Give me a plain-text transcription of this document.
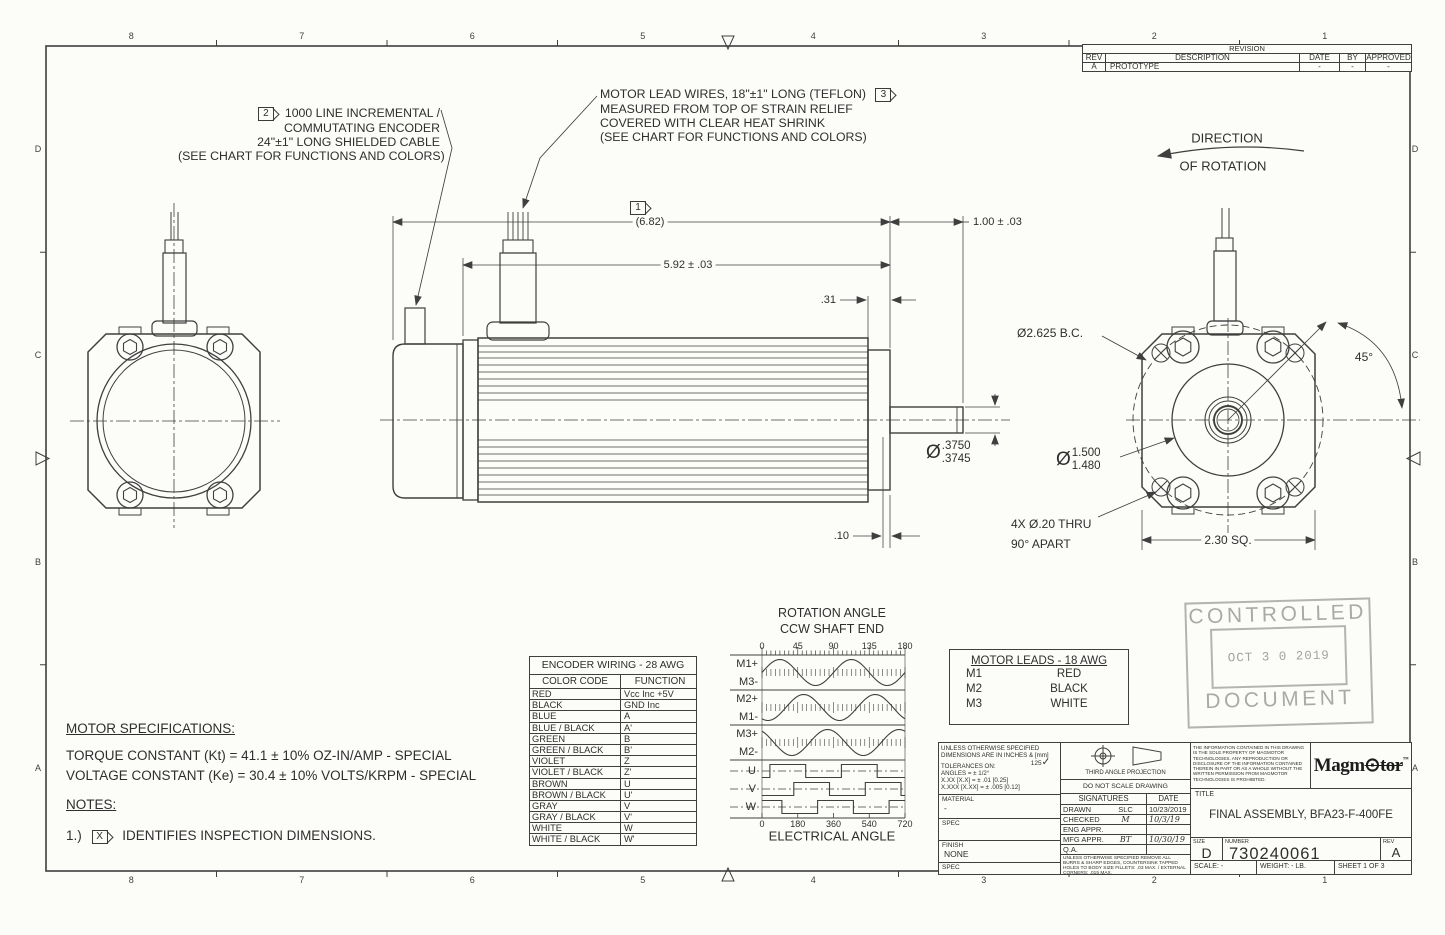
ROTATION ANGLE
CCW SHAFT END
ELECTRICAL ANGLE
2 1000 LINE INCREMENTAL /
COMMUTATING ENCODER
24"±1" LONG SHIELDED CABLE
(SEE CHART FOR FUNCTIONS AND COLORS)
MOTOR LEAD WIRES, 18"±1" LONG (TEFLON) 3
MEASURED FROM TOP OF STRAIN RELIEF
COVERED WITH CLEAR HEAT SHRINK
(SEE CHART FOR FUNCTIONS AND COLORS)	DIRECTION
OF ROTATION
1
(6.82)
5.92 ± .03
.31
1.00 ± .03
Ø .3750
.3745
.10
Ø2.625 B.C.
45°
Ø 1.500
1.480
4X Ø.20 THRU
90° APART	2.30 SQ.
REVISION
REV	DESCRIPTION	DATE	BY	APPROVED
A	PROTOTYPE	-	-	-
ENCODER WIRING - 28 AWG
COLOR CODE	FUNCTION
RED	Vcc Inc +5V
BLACK	GND Inc
BLUE	A
BLUE / BLACK	A'
GREEN	B
GREEN / BLACK	B'
VIOLET	Z
VIOLET / BLACK	Z'
BROWN	U
BROWN / BLACK	U'
GRAY	V
GRAY / BLACK	V'
WHITE	W
WHITE / BLACK	W'
MOTOR LEADS - 18 AWG
M1	RED
M2	BLACK
M3	WHITE
MOTOR SPECIFICATIONS:
TORQUE CONSTANT (Kt) = 41.1 ± 10% OZ-IN/AMP - SPECIAL
VOLTAGE CONSTANT (Ke) = 30.4 ± 10% VOLTS/KRPM - SPECIAL
NOTES:
1.) X IDENTIFIES INSPECTION DIMENSIONS.
CONTROLLED
OCT 3 0 2019
DOCUMENT
UNLESS OTHERWISE SPECIFIED
DIMENSIONS ARE IN INCHES & [mm]
TOLERANCES ON:
ANGLES = ± 1/2°
X.XX [X.X] = ± .01 [0.25]
X.XXX [X.XX] = ± .005 [0.12]
125✓
MATERIAL
-
SPEC
FINISH
NONE
SPEC
THIRD ANGLE PROJECTION
DO NOT SCALE DRAWING
SIGNATURES	DATE
DRAWN	SLC	10/23/2019
CHECKED	M	10/3/19
ENG APPR.
MFG APPR.	BT	10/30/19
Q.A.
UNLESS OTHERWISE SPECIFIED REMOVE ALL BURRS & SHARP EDGES, COUNTERSINK TAPPED HOLES TO BODY SIZE FILLETS: .03 MAX. / EXTERNAL CORNERS: .015 MAX.
THE INFORMATION CONTAINED IN THIS DRAWING IS THE SOLE PROPERTY OF MAGMOTOR TECHNOLOGIES. ANY REPRODUCTION OR DISCLOSURE OF THE INFORMATION CONTAINED THEREIN IN PART OR AS A WHOLE WITHOUT THE WRITTEN PERMISSION FROM MAGMOTOR TECHNOLOGIES IS PROHIBITED.
Magm⊙tor™
TITLE
FINAL ASSEMBLY, BFA23-F-400FE
SIZE
D
NUMBER
730240061
REV
A
SCALE: -	WEIGHT: - LB.	SHEET 1 OF 3
8	7	6	5	4	3	2	1
8	7	6	5	4	3	2	1
D
C
B
A
D
C
B
A
0	45	90	135 180
0	180 360 540 720
M1+
M3-
M2+
M1-
M3+
M2-
U
V
W
